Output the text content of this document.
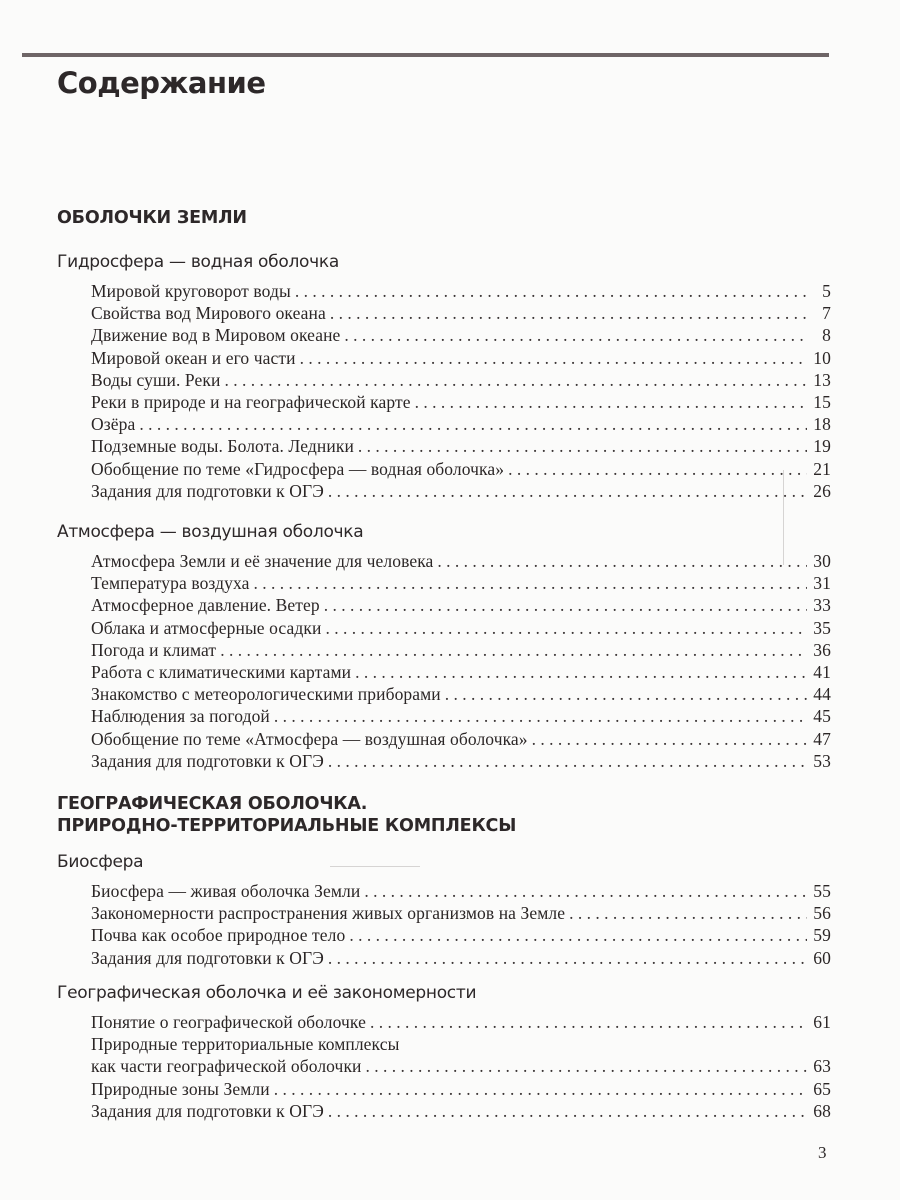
Содержание
ОБОЛОЧКИ ЗЕМЛИ
Гидросфера — водная оболочка
Мировой круговорот воды . . .	5
Свойства вод Мирового океана . . .	7
Движение вод в Мировом океане . . .	8
Мировой океан и его части . . .	10
Воды суши. Реки . . .	13
Реки в природе и на географической карте . . .	15
Озёра . . .	18
Подземные воды. Болота. Ледники . . .	19
Обобщение по теме «Гидросфера — водная оболочка» . . .	21
Задания для подготовки к ОГЭ . . .	26
Атмосфера — воздушная оболочка
Атмосфера Земли и её значение для человека . . .	30
Температура воздуха . . .	31
Атмосферное давление. Ветер . . .	33
Облака и атмосферные осадки . . .	35
Погода и климат . . .	36
Работа с климатическими картами . . .	41
Знакомство с метеорологическими приборами . . .	44
Наблюдения за погодой . . .	45
Обобщение по теме «Атмосфера — воздушная оболочка» . . .	47
Задания для подготовки к ОГЭ . . .	53
ГЕОГРАФИЧЕСКАЯ ОБОЛОЧКА.
ПРИРОДНО-ТЕРРИТОРИАЛЬНЫЕ КОМПЛЕКСЫ
Биосфера
Биосфера — живая оболочка Земли . . .	55
Закономерности распространения живых организмов на Земле . . .	56
Почва как особое природное тело . . .	59
Задания для подготовки к ОГЭ . . .	60
Географическая оболочка и её закономерности
Понятие о географической оболочке . . .	61
Природные территориальные комплексы
как части географической оболочки . . .	63
Природные зоны Земли . . .	65
Задания для подготовки к ОГЭ . . .	68
3
